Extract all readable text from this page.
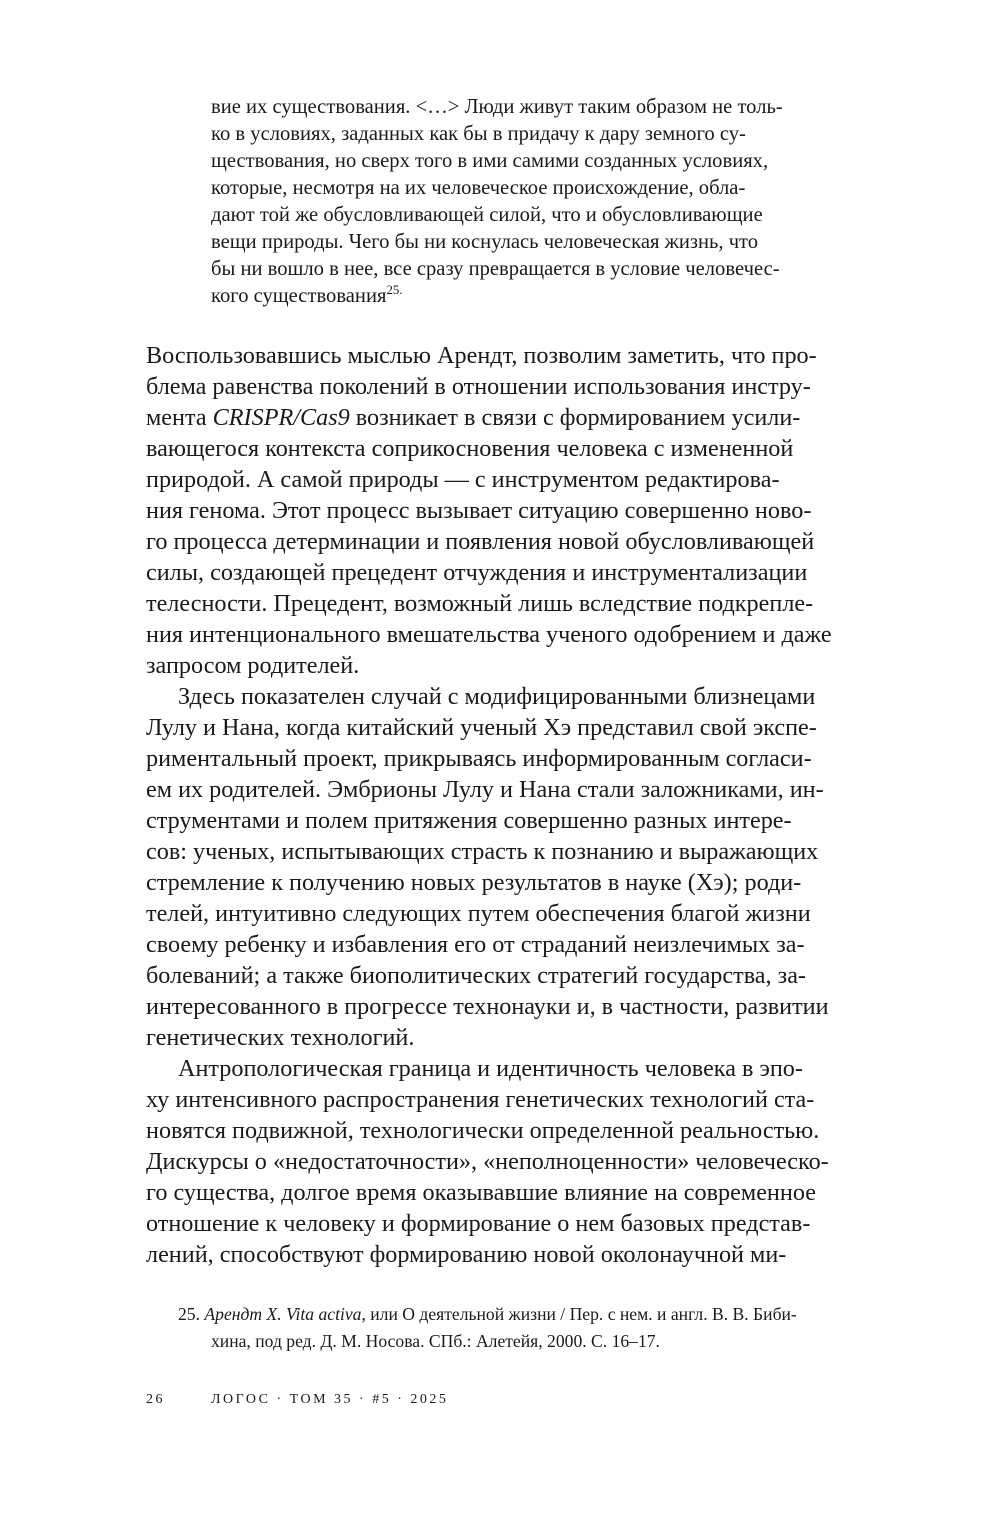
вие их существования. <…> Люди живут таким образом не толь-
ко в условиях, заданных как бы в придачу к дару земного су-
ществования, но сверх того в ими самими созданных условиях,
которые, несмотря на их человеческое происхождение, обла-
дают той же обусловливающей силой, что и обусловливающие
вещи природы. Чего бы ни коснулась человеческая жизнь, что
бы ни вошло в нее, все сразу превращается в условие человечес-
кого существования$^{25.}$
Воспользовавшись мыслью Арендт, позволим заметить, что про-
блема равенства поколений в отношении использования инстру-
мента CRISPR/Cas9 возникает в связи с формированием усили-
вающегося контекста соприкосновения человека с измененной
природой. А самой природы — с инструментом редактирова-
ния генома. Этот процесс вызывает ситуацию совершенно ново-
го процесса детерминации и появления новой обусловливающей
силы, создающей прецедент отчуждения и инструментализации
телесности. Прецедент, возможный лишь вследствие подкрепле-
ния интенционального вмешательства ученого одобрением и даже
запросом родителей.
Здесь показателен случай с модифицированными близнецами
Лулу и Нана, когда китайский ученый Хэ представил свой экспе-
риментальный проект, прикрываясь информированным согласи-
ем их родителей. Эмбрионы Лулу и Нана стали заложниками, ин-
струментами и полем притяжения совершенно разных интере-
сов: ученых, испытывающих страсть к познанию и выражающих
стремление к получению новых результатов в науке (Хэ); роди-
телей, интуитивно следующих путем обеспечения благой жизни
своему ребенку и избавления его от страданий неизлечимых за-
болеваний; а также биополитических стратегий государства, за-
интересованного в прогрессе технонауки и, в частности, развитии
генетических технологий.
Антропологическая граница и идентичность человека в эпо-
ху интенсивного распространения генетических технологий ста-
новятся подвижной, технологически определенной реальностью.
Дискурсы о «недостаточности», «неполноценности» человеческо-
го существа, долгое время оказывавшие влияние на современное
отношение к человеку и формирование о нем базовых представ-
лений, способствуют формированию новой околонаучной ми-
25. Арендт Х. Vita activa, или О деятельной жизни / Пер. с нем. и англ. В. В. Биби-
хина, под ред. Д. М. Носова. СПб.: Алетейя, 2000. С. 16–17.
26	ЛОГОС · ТОМ 35 · #5 · 2025
